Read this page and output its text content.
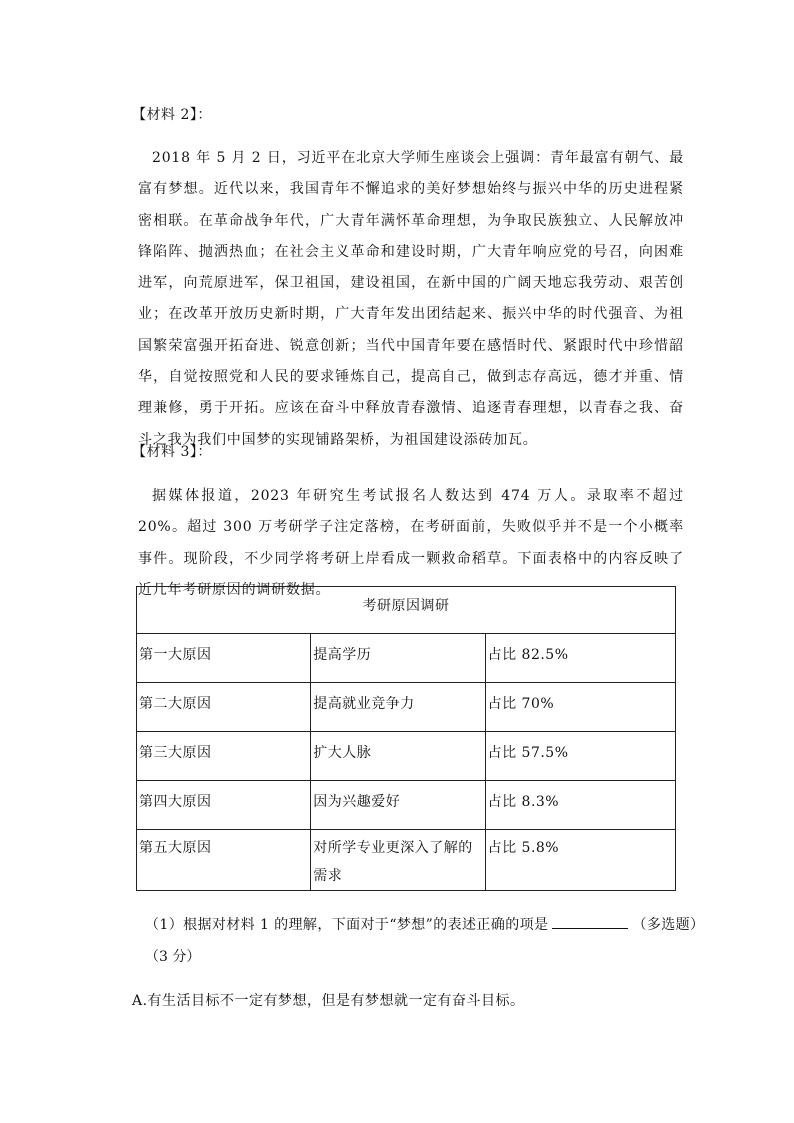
【材料 2】：

2018 年 5 月 2 日，习近平在北京大学师生座谈会上强调：青年最富有朝气、最富有梦想。近代以来，我国青年不懈追求的美好梦想始终与振兴中华的历史进程紧密相联。在革命战争年代，广大青年满怀革命理想，为争取民族独立、人民解放冲锋陷阵、抛洒热血；在社会主义革命和建设时期，广大青年响应党的号召，向困难进军，向荒原进军，保卫祖国，建设祖国，在新中国的广阔天地忘我劳动、艰苦创业；在改革开放历史新时期，广大青年发出团结起来、振兴中华的时代强音、为祖国繁荣富强开拓奋进、锐意创新；当代中国青年要在感悟时代、紧跟时代中珍惜韶华，自觉按照党和人民的要求锤炼自己，提高自己，做到志存高远，德才并重、情理兼修，勇于开拓。应该在奋斗中释放青春激情、追逐青春理想，以青春之我、奋斗之我为我们中国梦的实现铺路架桥，为祖国建设添砖加瓦。

【材料 3】：

据媒体报道，2023 年研究生考试报名人数达到 474 万人。录取率不超过 20%。超过 300 万考研学子注定落榜，在考研面前，失败似乎并不是一个小概率事件。现阶段，不少同学将考研上岸看成一颗救命稻草。下面表格中的内容反映了近几年考研原因的调研数据。

考研原因调研		
第一大原因	提高学历	占比 82.5%
第二大原因	提高就业竞争力	占比 70%
第三大原因	扩大人脉	占比 57.5%
第四大原因	因为兴趣爱好	占比 8.3%
第五大原因	对所学专业更深入了解的需求	占比 5.8%
（1）根据对材料 1 的理解，下面对于“梦想”的表述正确的项是	（多选题）
（3 分）
A.有生活目标不一定有梦想，但是有梦想就一定有奋斗目标。
